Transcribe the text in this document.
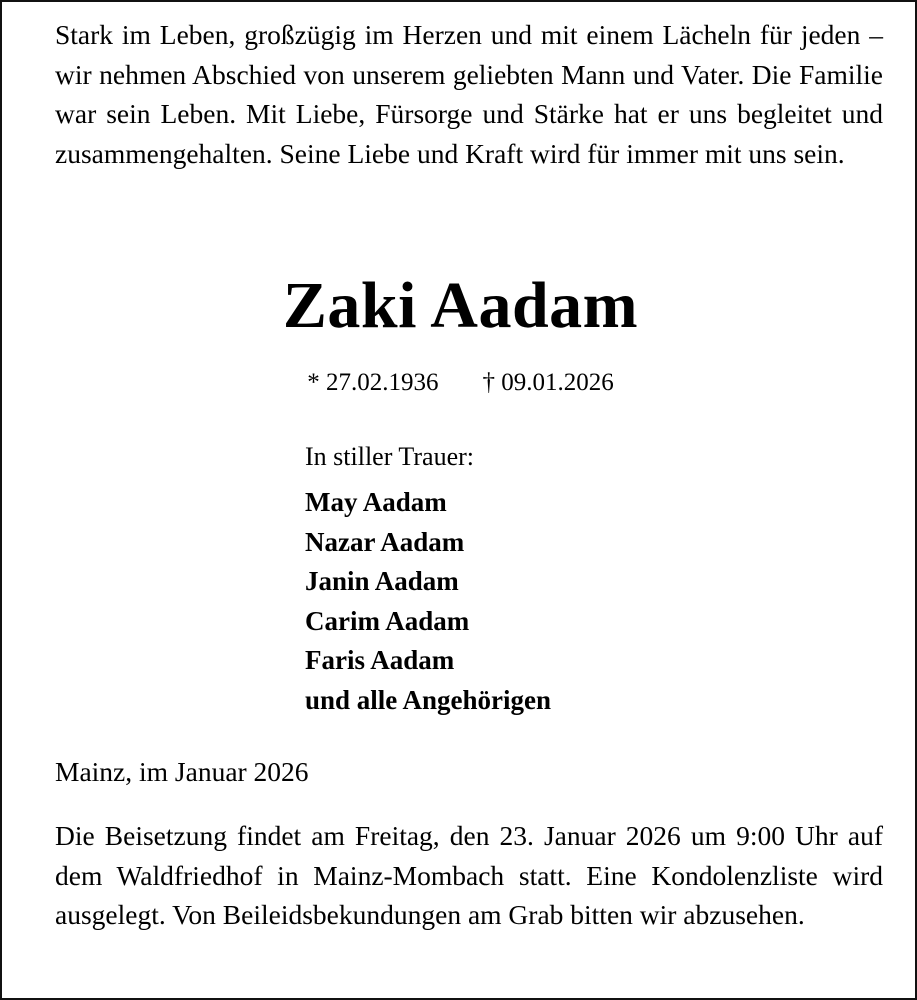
Stark im Leben, großzügig im Herzen und mit einem Lächeln für jeden – wir nehmen Abschied von unserem geliebten Mann und Vater. Die Familie war sein Leben. Mit Liebe, Fürsorge und Stärke hat er uns begleitet und zusammengehalten. Seine Liebe und Kraft wird für immer mit uns sein.

Zaki Aadam

* 27.02.1936 † 09.01.2026

In stiller Trauer:
May Aadam
Nazar Aadam
Janin Aadam
Carim Aadam
Faris Aadam
und alle Angehörigen

Mainz, im Januar 2026

Die Beisetzung findet am Freitag, den 23. Januar 2026 um 9:00 Uhr auf dem Waldfriedhof in Mainz-Mombach statt. Eine Kondolenzliste wird ausgelegt. Von Beileidsbekundungen am Grab bitten wir abzusehen.
